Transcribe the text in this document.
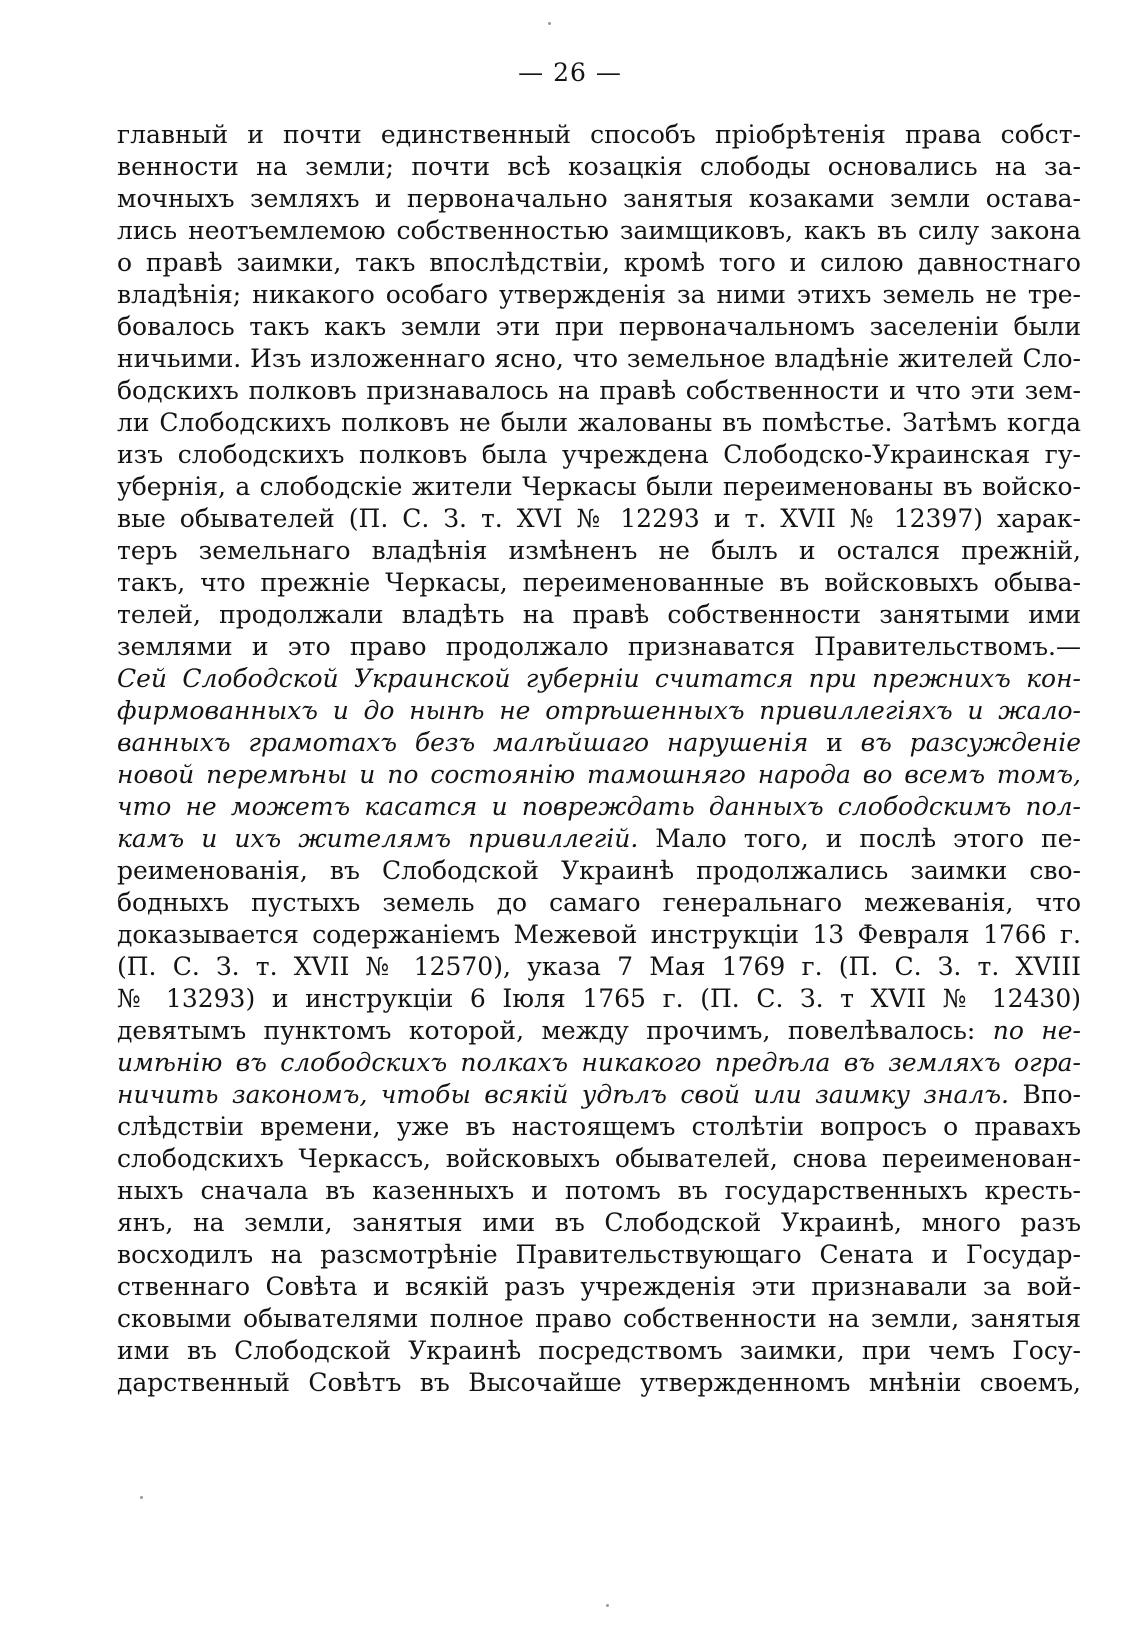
— 26 —
главный и почти единственный способъ пріобрѣтенія права собст-
венности на земли; почти всѣ козацкія слободы основались на за-
мочныхъ земляхъ и первоначально занятыя козаками земли остава-
лись неотъемлемою собственностью заимщиковъ, какъ въ силу закона
о правѣ заимки, такъ впослѣдствіи, кромѣ того и силою давностнаго
владѣнія; никакого особаго утвержденія за ними этихъ земель не тре-
бовалось такъ какъ земли эти при первоначальномъ заселеніи были
ничьими. Изъ изложеннаго ясно, что земельное владѣніе жителей Сло-
бодскихъ полковъ признавалось на правѣ собственности и что эти зем-
ли Слободскихъ полковъ не были жалованы въ помѣстье. Затѣмъ когда
изъ слободскихъ полковъ была учреждена Слободско-Украинская гу-
убернія, а слободскіе жители Черкасы были переименованы въ войско-
вые обывателей (П. С. З. т. XVI № 12293 и т. XVII № 12397) харак-
теръ земельнаго владѣнія измѣненъ не былъ и остался прежній,
такъ, что прежніе Черкасы, переименованные въ войсковыхъ обыва-
телей, продолжали владѣть на правѣ собственности занятыми ими
землями и это право продолжало признаватся Правительствомъ.—
Сей Слободской Украинской губерніи считатся при прежнихъ кон-
фирмованныхъ и до нынѣ не отрѣшенныхъ привиллегіяхъ и жало-
ванныхъ грамотахъ безъ малѣйшаго нарушенія и въ разсужденіе
новой перемѣны и по состоянію тамошняго народа во всемъ томъ,
что не можетъ касатся и повреждать данныхъ слободскимъ пол-
камъ и ихъ жителямъ привиллегій. Мало того, и послѣ этого пе-
реименованія, въ Слободской Украинѣ продолжались заимки сво-
бодныхъ пустыхъ земель до самаго генеральнаго межеванія, что
доказывается содержаніемъ Межевой инструкціи 13 Февраля 1766 г.
(П. С. З. т. XVII № 12570), указа 7 Мая 1769 г. (П. С. З. т. XVIII
№ 13293) и инструкціи 6 Іюля 1765 г. (П. С. З. т XVII № 12430)
девятымъ пунктомъ которой, между прочимъ, повелѣвалось: по не-
имѣнію въ слободскихъ полкахъ никакого предѣла въ земляхъ огра-
ничить закономъ, чтобы всякій удѣлъ свой или заимку зналъ. Впо-
слѣдствіи времени, уже въ настоящемъ столѣтіи вопросъ о правахъ
слободскихъ Черкассъ, войсковыхъ обывателей, снова переименован-
ныхъ сначала въ казенныхъ и потомъ въ государственныхъ кресть-
янъ, на земли, занятыя ими въ Слободской Украинѣ, много разъ
восходилъ на разсмотрѣніе Правительствующаго Сената и Государ-
ственнаго Совѣта и всякій разъ учрежденія эти признавали за вой-
сковыми обывателями полное право собственности на земли, занятыя
ими въ Слободской Украинѣ посредствомъ заимки, при чемъ Госу-
дарственный Совѣтъ въ Высочайше утвержденномъ мнѣніи своемъ,
